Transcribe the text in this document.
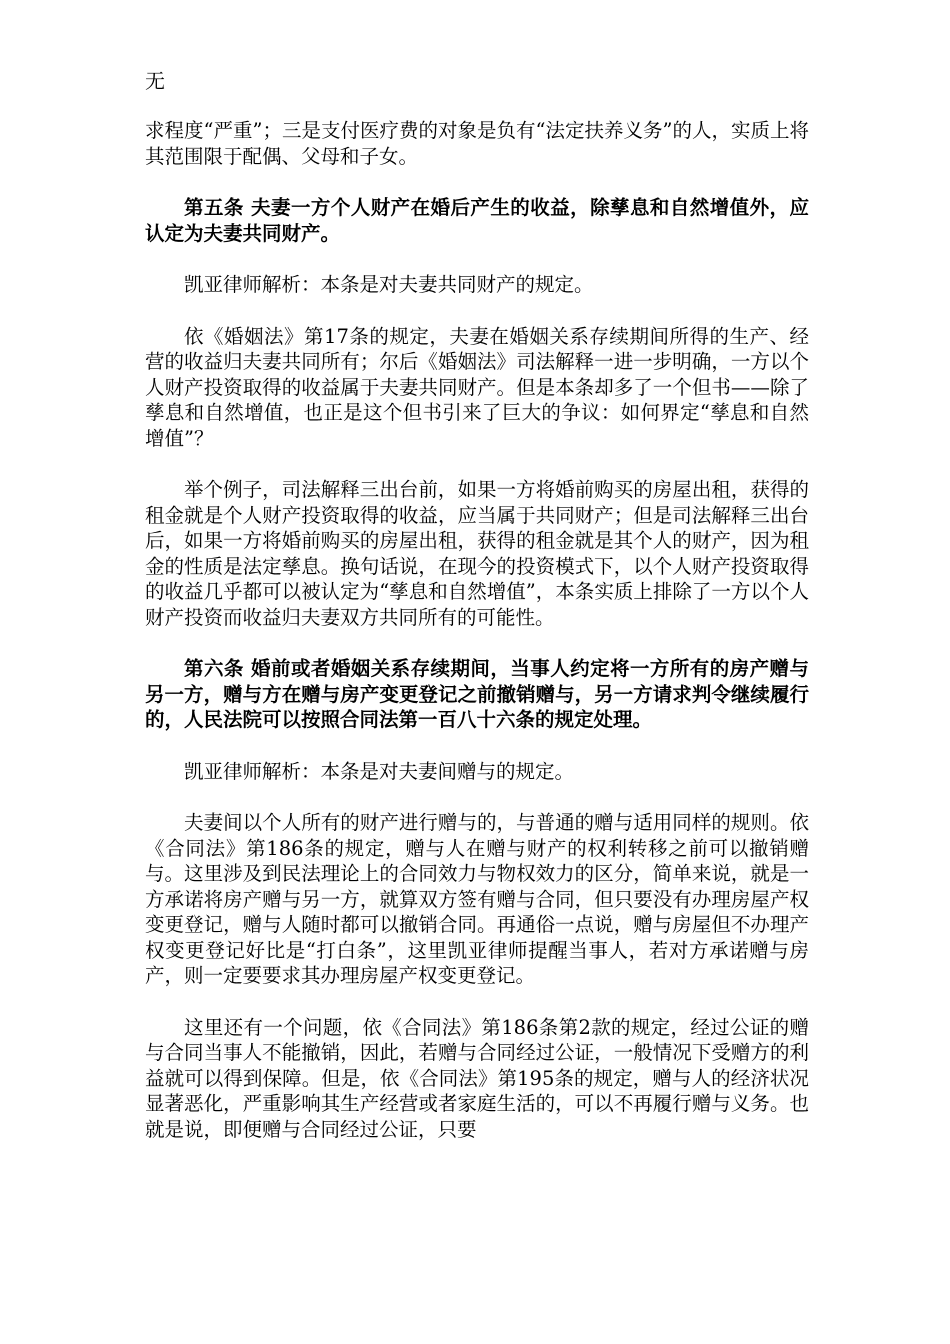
无

求程度“严重”；三是支付医疗费的对象是负有“法定扶养义务”的人，实质上将其范围限于配偶、父母和子女。

第五条 夫妻一方个人财产在婚后产生的收益，除孳息和自然增值外，应认定为夫妻共同财产。

凯亚律师解析：本条是对夫妻共同财产的规定。

依《婚姻法》第17条的规定，夫妻在婚姻关系存续期间所得的生产、经营的收益归夫妻共同所有；尔后《婚姻法》司法解释一进一步明确，一方以个人财产投资取得的收益属于夫妻共同财产。但是本条却多了一个但书——除了孳息和自然增值，也正是这个但书引来了巨大的争议：如何界定“孳息和自然增值”？

举个例子，司法解释三出台前，如果一方将婚前购买的房屋出租，获得的租金就是个人财产投资取得的收益，应当属于共同财产；但是司法解释三出台后，如果一方将婚前购买的房屋出租，获得的租金就是其个人的财产，因为租金的性质是法定孳息。换句话说，在现今的投资模式下，以个人财产投资取得的收益几乎都可以被认定为“孳息和自然增值”，本条实质上排除了一方以个人财产投资而收益归夫妻双方共同所有的可能性。

第六条 婚前或者婚姻关系存续期间，当事人约定将一方所有的房产赠与另一方，赠与方在赠与房产变更登记之前撤销赠与，另一方请求判令继续履行的，人民法院可以按照合同法第一百八十六条的规定处理。

凯亚律师解析：本条是对夫妻间赠与的规定。

夫妻间以个人所有的财产进行赠与的，与普通的赠与适用同样的规则。依《合同法》第186条的规定，赠与人在赠与财产的权利转移之前可以撤销赠与。这里涉及到民法理论上的合同效力与物权效力的区分，简单来说，就是一方承诺将房产赠与另一方，就算双方签有赠与合同，但只要没有办理房屋产权变更登记，赠与人随时都可以撤销合同。再通俗一点说，赠与房屋但不办理产权变更登记好比是“打白条”，这里凯亚律师提醒当事人，若对方承诺赠与房产，则一定要要求其办理房屋产权变更登记。

这里还有一个问题，依《合同法》第186条第2款的规定，经过公证的赠与合同当事人不能撤销，因此，若赠与合同经过公证，一般情况下受赠方的利益就可以得到保障。但是，依《合同法》第195条的规定，赠与人的经济状况显著恶化，严重影响其生产经营或者家庭生活的，可以不再履行赠与义务。也就是说，即便赠与合同经过公证，只要
